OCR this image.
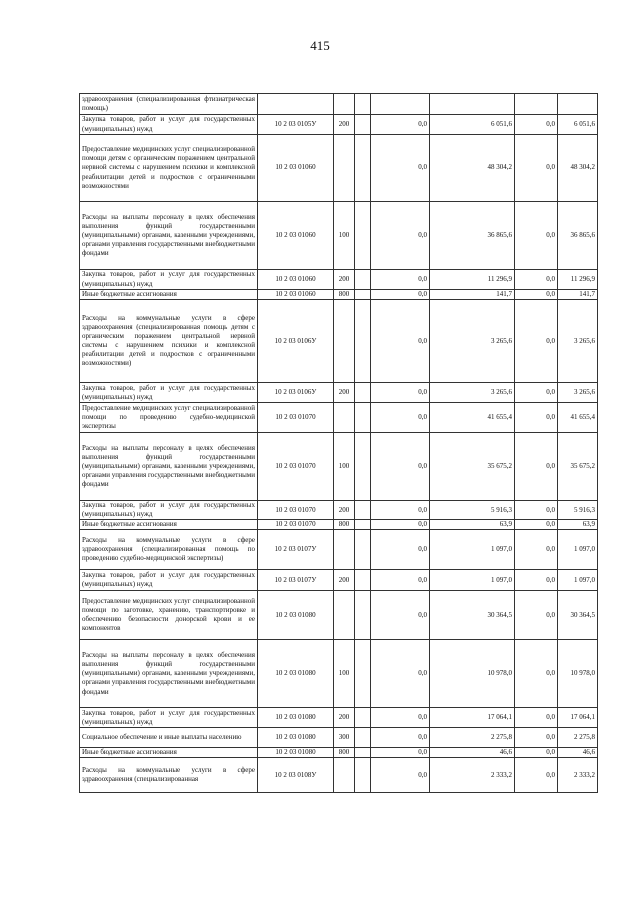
415
здравоохранения (специализированная фтизиатрическая помощь)							
Закупка товаров, работ и услуг для государственных (муниципальных) нужд	10 2 03 0105У	200		0,0	6 051,6	0,0	6 051,6
Предоставление медицинских услуг специализированной помощи детям с органическим поражением центральной нервной системы с нарушением психики и комплексной реабилитации детей и подростков с ограниченными возможностями	10 2 03 01060			0,0	48 304,2	0,0	48 304,2
Расходы на выплаты персоналу в целях обеспечения выполнения функций государственными (муниципальными) органами, казенными учреждениями, органами управления государственными внебюджетными фондами	10 2 03 01060	100		0,0	36 865,6	0,0	36 865,6
Закупка товаров, работ и услуг для государственных (муниципальных) нужд	10 2 03 01060	200		0,0	11 296,9	0,0	11 296,9
Иные бюджетные ассигнования	10 2 03 01060	800		0,0	141,7	0,0	141,7
Расходы на коммунальные услуги в сфере здравоохранения (специализированная помощь детям с органическим поражением центральной нервной системы с нарушением психики и комплексной реабилитации детей и подростков с ограниченными возможностями)	10 2 03 0106У			0,0	3 265,6	0,0	3 265,6
Закупка товаров, работ и услуг для государственных (муниципальных) нужд	10 2 03 0106У	200		0,0	3 265,6	0,0	3 265,6
Предоставление медицинских услуг специализированной помощи по проведению судебно-медицинской экспертизы	10 2 03 01070			0,0	41 655,4	0,0	41 655,4
Расходы на выплаты персоналу в целях обеспечения выполнения функций государственными (муниципальными) органами, казенными учреждениями, органами управления государственными внебюджетными фондами	10 2 03 01070	100		0,0	35 675,2	0,0	35 675,2
Закупка товаров, работ и услуг для государственных (муниципальных) нужд	10 2 03 01070	200		0,0	5 916,3	0,0	5 916,3
Иные бюджетные ассигнования	10 2 03 01070	800		0,0	63,9	0,0	63,9
Расходы на коммунальные услуги в сфере здравоохранения (специализированная помощь по проведению судебно-медицинской экспертизы)	10 2 03 0107У			0,0	1 097,0	0,0	1 097,0
Закупка товаров, работ и услуг для государственных (муниципальных) нужд	10 2 03 0107У	200		0,0	1 097,0	0,0	1 097,0
Предоставление медицинских услуг специализированной помощи по заготовке, хранению, транспортировке и обеспечению безопасности донорской крови и ее компонентов	10 2 03 01080			0,0	30 364,5	0,0	30 364,5
Расходы на выплаты персоналу в целях обеспечения выполнения функций государственными (муниципальными) органами, казенными учреждениями, органами управления государственными внебюджетными фондами	10 2 03 01080	100		0,0	10 978,0	0,0	10 978,0
Закупка товаров, работ и услуг для государственных (муниципальных) нужд	10 2 03 01080	200		0,0	17 064,1	0,0	17 064,1
Социальное обеспечение и иные выплаты населению	10 2 03 01080	300		0,0	2 275,8	0,0	2 275,8
Иные бюджетные ассигнования	10 2 03 01080	800		0,0	46,6	0,0	46,6
Расходы на коммунальные услуги в сфере здравоохранения (специализированная	10 2 03 0108У			0,0	2 333,2	0,0	2 333,2
